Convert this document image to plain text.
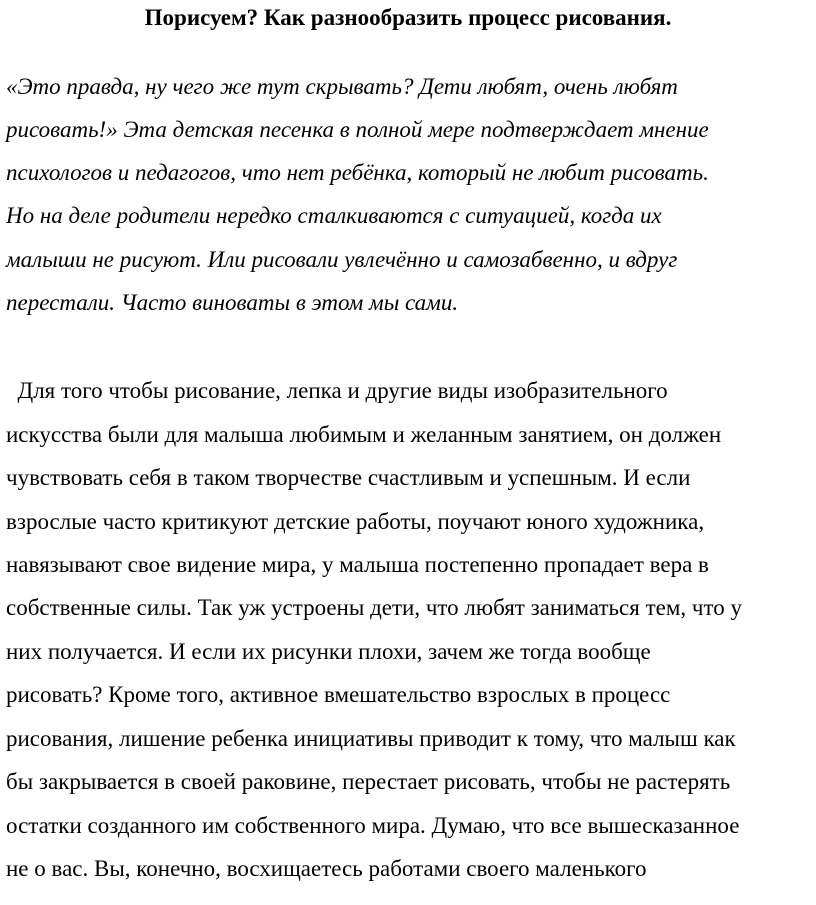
Порисуем? Как разнообразить процесс рисования.

«Это правда, ну чего же тут скрывать? Дети любят, очень любят

рисовать!» Эта детская песенка в полной мере подтверждает мнение

психологов и педагогов, что нет ребёнка, который не любит рисовать.

Но на деле родители нередко сталкиваются с ситуацией, когда их

малыши не рисуют. Или рисовали увлечённо и самозабвенно, и вдруг

перестали. Часто виноваты в этом мы сами.

Для того чтобы рисование, лепка и другие виды изобразительного

искусства были для малыша любимым и желанным занятием, он должен

чувствовать себя в таком творчестве счастливым и успешным. И если

взрослые часто критикуют детские работы, поучают юного художника,

навязывают свое видение мира, у малыша постепенно пропадает вера в

собственные силы. Так уж устроены дети, что любят заниматься тем, что у

них получается. И если их рисунки плохи, зачем же тогда вообще

рисовать? Кроме того, активное вмешательство взрослых в процесс

рисования, лишение ребенка инициативы приводит к тому, что малыш как

бы закрывается в своей раковине, перестает рисовать, чтобы не растерять

остатки созданного им собственного мира. Думаю, что все вышесказанное

не о вас. Вы, конечно, восхищаетесь работами своего маленького
